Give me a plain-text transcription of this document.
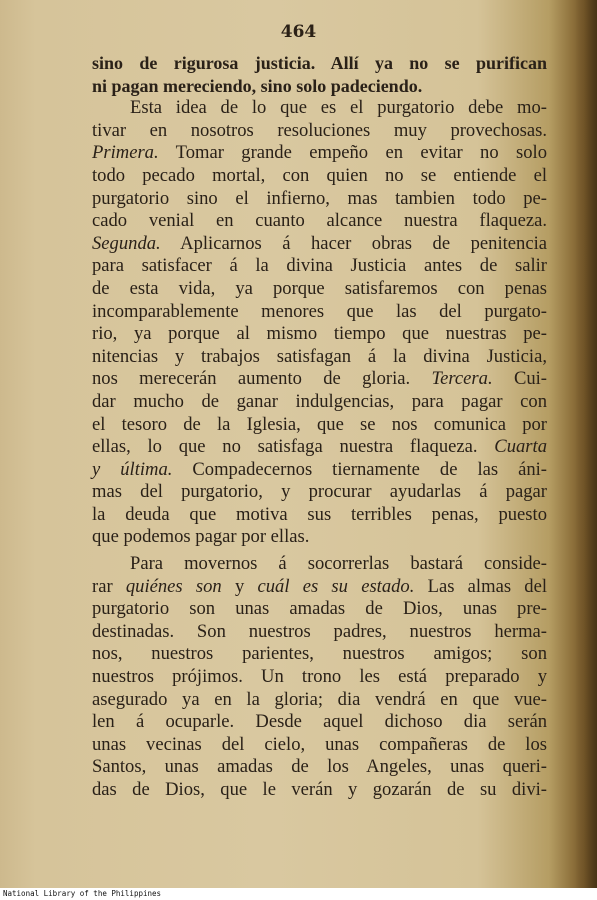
464
sino de rigurosa justicia. Allí ya no se purifican
ni pagan mereciendo, sino solo padeciendo.
Esta idea de lo que es el purgatorio debe mo-
tivar en nosotros resoluciones muy provechosas.
Primera. Tomar grande empeño en evitar no solo
todo pecado mortal, con quien no se entiende el
purgatorio sino el infierno, mas tambien todo pe-
cado venial en cuanto alcance nuestra flaqueza.
Segunda. Aplicarnos á hacer obras de penitencia
para satisfacer á la divina Justicia antes de salir
de esta vida, ya porque satisfaremos con penas
incomparablemente menores que las del purgato-
rio, ya porque al mismo tiempo que nuestras pe-
nitencias y trabajos satisfagan á la divina Justicia,
nos merecerán aumento de gloria. Tercera. Cui-
dar mucho de ganar indulgencias, para pagar con
el tesoro de la Iglesia, que se nos comunica por
ellas, lo que no satisfaga nuestra flaqueza. Cuarta
y última. Compadecernos tiernamente de las áni-
mas del purgatorio, y procurar ayudarlas á pagar
la deuda que motiva sus terribles penas, puesto
que podemos pagar por ellas.
Para movernos á socorrerlas bastará conside-
rar quiénes son y cuál es su estado. Las almas del
purgatorio son unas amadas de Dios, unas pre-
destinadas. Son nuestros padres, nuestros herma-
nos, nuestros parientes, nuestros amigos; son
nuestros prójimos. Un trono les está preparado y
asegurado ya en la gloria; dia vendrá en que vue-
len á ocuparle. Desde aquel dichoso dia serán
unas vecinas del cielo, unas compañeras de los
Santos, unas amadas de los Angeles, unas queri-
das de Dios, que le verán y gozarán de su divi-
National Library of the Philippines
